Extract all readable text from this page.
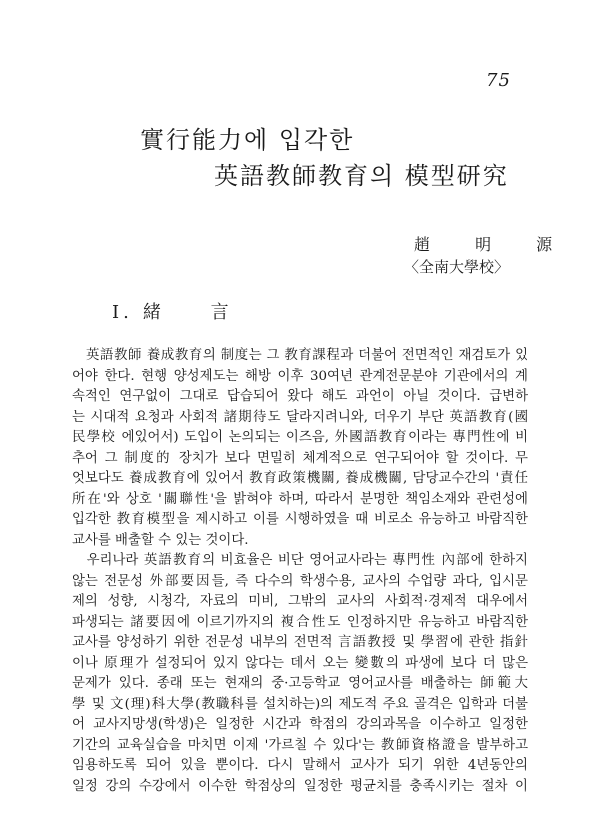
75
實行能力에 입각한
英語教師教育의 模型研究
趙 明 源
〈全南大學校〉
Ⅰ. 緒 言
　英語教師 養成教育의 制度는 그 教育課程과 더불어 전면적인 재검토가 있
어야 한다. 현행 양성제도는 해방 이후 30여년 관계전문분야 기관에서의 계
속적인 연구없이 그대로 답습되어 왔다 해도 과언이 아닐 것이다. 급변하
는 시대적 요청과 사회적 諸期待도 달라지려니와, 더우기 부단 英語教育(國
民學校 에있어서) 도입이 논의되는 이즈음, 外國語教育이라는 專門性에 비
추어 그 制度的 장치가 보다 면밀히 체계적으로 연구되어야 할 것이다. 무
엇보다도 養成教育에 있어서 教育政策機關, 養成機關, 담당교수간의 '責任
所在'와 상호 '關聯性'을 밝혀야 하며, 따라서 분명한 책임소재와 관련성에
입각한 教育模型을 제시하고 이를 시행하였을 때 비로소 유능하고 바람직한
교사를 배출할 수 있는 것이다.
　우리나라 英語教育의 비효율은 비단 영어교사라는 專門性 內部에 한하지
않는 전문성 外部要因들, 즉 다수의 학생수용, 교사의 수업량 과다, 입시문
제의 성향, 시청각, 자료의 미비, 그밖의 교사의 사회적·경제적 대우에서
파생되는 諸要因에 이르기까지의 複合性도 인정하지만 유능하고 바람직한
교사를 양성하기 위한 전문성 내부의 전면적 言語教授 및 學習에 관한 指針
이나 原理가 설정되어 있지 않다는 데서 오는 變數의 파생에 보다 더 많은
문제가 있다. 종래 또는 현재의 중·고등학교 영어교사를 배출하는 師範大
學 및 文(理)科大學(教職科를 설치하는)의 제도적 주요 골격은 입학과 더불
어 교사지망생(학생)은 일정한 시간과 학점의 강의과목을 이수하고 일정한
기간의 교육실습을 마치면 이제 '가르칠 수 있다'는 教師資格證을 발부하고
임용하도록 되어 있을 뿐이다. 다시 말해서 교사가 되기 위한 4년동안의
일정 강의 수강에서 이수한 학점상의 일정한 평균치를 충족시키는 절차 이
